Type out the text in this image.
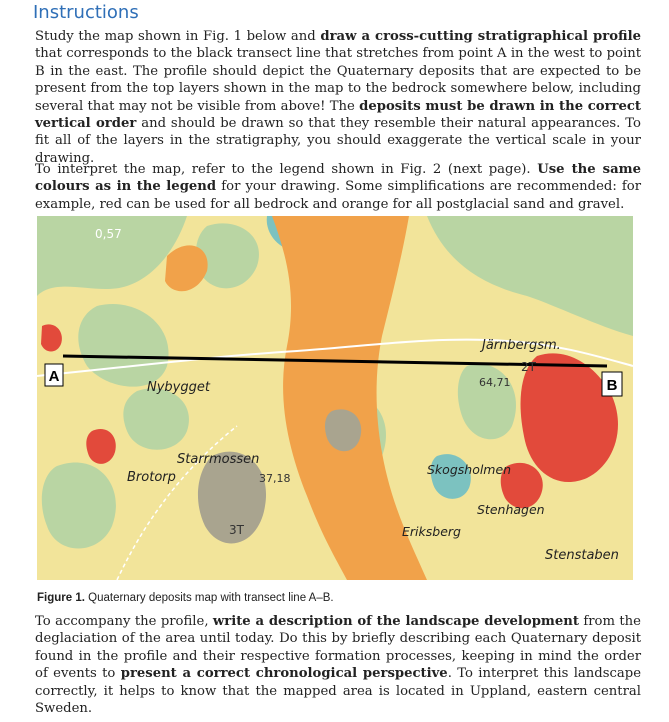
Instructions
Study the map shown in Fig. 1 below and draw a cross-cutting stratigraphical profile that corresponds to the black transect line that stretches from point A in the west to point B in the east. The profile should depict the Quaternary deposits that are expected to be present from the top layers shown in the map to the bedrock somewhere below, including several that may not be visible from above! The deposits must be drawn in the correct vertical order and should be drawn so that they resemble their natural appearances. To fit all of the layers in the stratigraphy, you should exaggerate the vertical scale in your drawing.
To interpret the map, refer to the legend shown in Fig. 2 (next page). Use the same colours as in the legend for your drawing. Some simplifications are recommended: for example, red can be used for all bedrock and orange for all postglacial sand and gravel.
A
B
Järnbergsm.
Nybygget
Starrmossen
Brotorp
Skogsholmen
Stenhagen
Eriksberg
Stenstaben
0,57
2T
64,71
37,18
3T
Figure 1. Quaternary deposits map with transect line A–B.
To accompany the profile, write a description of the landscape development from the deglaciation of the area until today. Do this by briefly describing each Quaternary deposit found in the profile and their respective formation processes, keeping in mind the order of events to present a correct chronological perspective. To interpret this landscape correctly, it helps to know that the mapped area is located in Uppland, eastern central Sweden.
